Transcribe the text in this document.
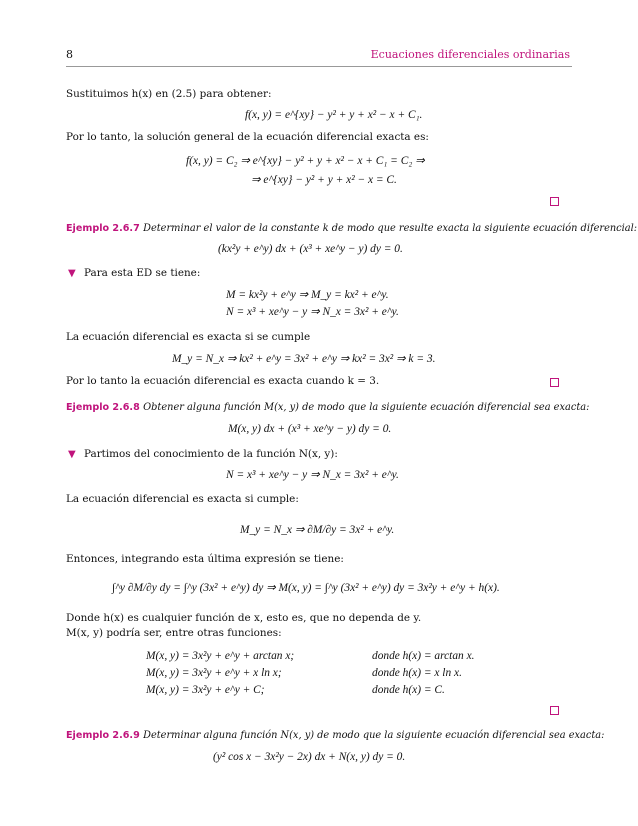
8	Ecuaciones diferenciales ordinarias
Sustituimos h(x) en (2.5) para obtener:
f(x, y) = e^{xy} − y² + y + x² − x + C₁.
Por lo tanto, la solución general de la ecuación diferencial exacta es:
f(x, y) = C₂ ⇒ e^{xy} − y² + y + x² − x + C₁ = C₂ ⇒
⇒ e^{xy} − y² + y + x² − x = C.
(kx²y + e^y) dx + (x³ + xe^y − y) dy = 0.
Para esta ED se tiene:
M = kx²y + e^y ⇒ M_y = kx² + e^y.
N = x³ + xe^y − y ⇒ N_x = 3x² + e^y.
La ecuación diferencial es exacta si se cumple
M_y = N_x ⇒ kx² + e^y = 3x² + e^y ⇒ kx² = 3x² ⇒ k = 3.
Por lo tanto la ecuación diferencial es exacta cuando k = 3.
M(x, y) dx + (x³ + xe^y − y) dy = 0.
Partimos del conocimiento de la función N(x, y):
N = x³ + xe^y − y ⇒ N_x = 3x² + e^y.
La ecuación diferencial es exacta si cumple:
M_y = N_x ⇒ ∂M/∂y = 3x² + e^y.
Entonces, integrando esta última expresión se tiene:
∫^y ∂M/∂y dy = ∫^y (3x² + e^y) dy ⇒ M(x, y) = ∫^y (3x² + e^y) dy = 3x²y + e^y + h(x).
Donde h(x) es cualquier función de x, esto es, que no dependa de y.
M(x, y) podría ser, entre otras funciones:
M(x, y) = 3x²y + e^y + arctan x;	donde h(x) = arctan x.
M(x, y) = 3x²y + e^y + x ln x;	donde h(x) = x ln x.
M(x, y) = 3x²y + e^y + C;	donde h(x) = C.
(y² cos x − 3x²y − 2x) dx + N(x, y) dy = 0.
Ejemplo 2.6.7 Determinar el valor de la constante k de modo que resulte exacta la siguiente ecuación diferencial:
Ejemplo 2.6.8 Obtener alguna función M(x, y) de modo que la siguiente ecuación diferencial sea exacta:
Ejemplo 2.6.9 Determinar alguna función N(x, y) de modo que la siguiente ecuación diferencial sea exacta:
▼
▼
